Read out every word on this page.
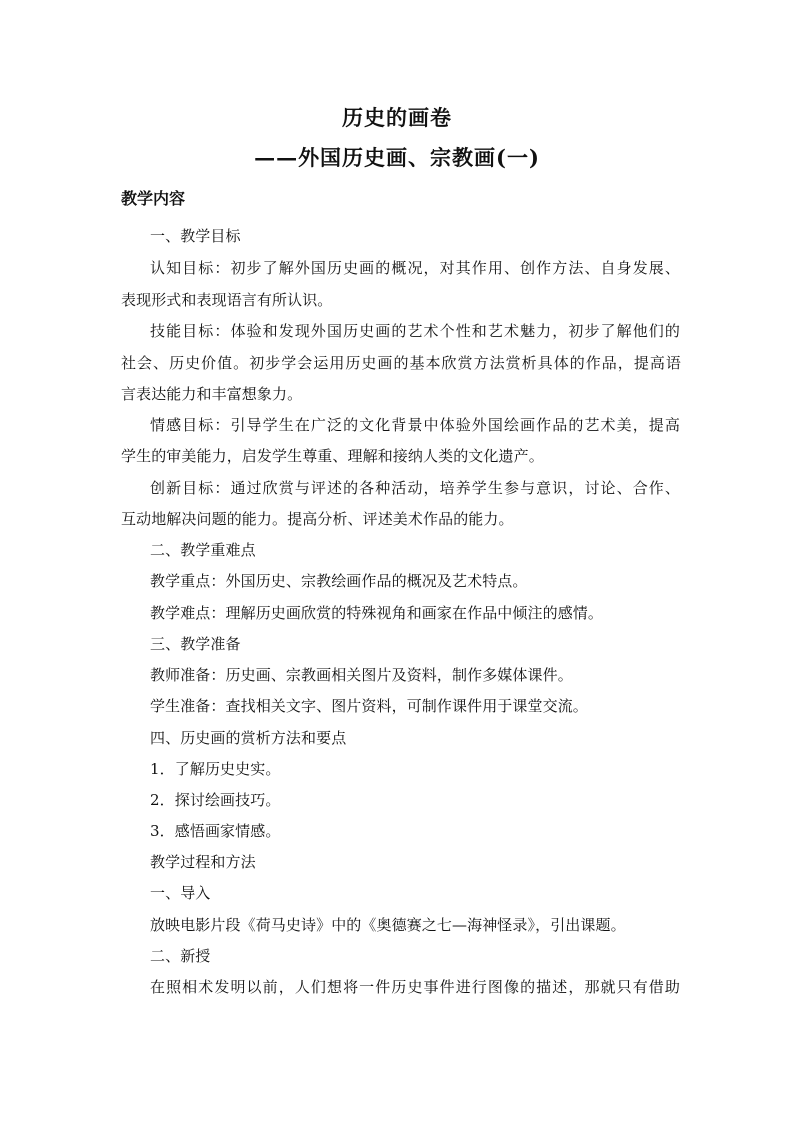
历史的画卷
——外国历史画、宗教画(一)
教学内容
一、教学目标
认知目标：初步了解外国历史画的概况，对其作用、创作方法、自身发展、
表现形式和表现语言有所认识。
技能目标：体验和发现外国历史画的艺术个性和艺术魅力，初步了解他们的
社会、历史价值。初步学会运用历史画的基本欣赏方法赏析具体的作品，提高语
言表达能力和丰富想象力。
情感目标：引导学生在广泛的文化背景中体验外国绘画作品的艺术美，提高
学生的审美能力，启发学生尊重、理解和接纳人类的文化遗产。
创新目标：通过欣赏与评述的各种活动，培养学生参与意识，讨论、合作、
互动地解决问题的能力。提高分析、评述美术作品的能力。
二、教学重难点
教学重点：外国历史、宗教绘画作品的概况及艺术特点。
教学难点：理解历史画欣赏的特殊视角和画家在作品中倾注的感情。
三、教学准备
教师准备：历史画、宗教画相关图片及资料，制作多媒体课件。
学生准备：查找相关文字、图片资料，可制作课件用于课堂交流。
四、历史画的赏析方法和要点
1．了解历史史实。
2．探讨绘画技巧。
3．感悟画家情感。
教学过程和方法
一、导入
放映电影片段《荷马史诗》中的《奥德赛之七—海神怪录》，引出课题。
二、新授
在照相术发明以前，人们想将一件历史事件进行图像的描述，那就只有借助
